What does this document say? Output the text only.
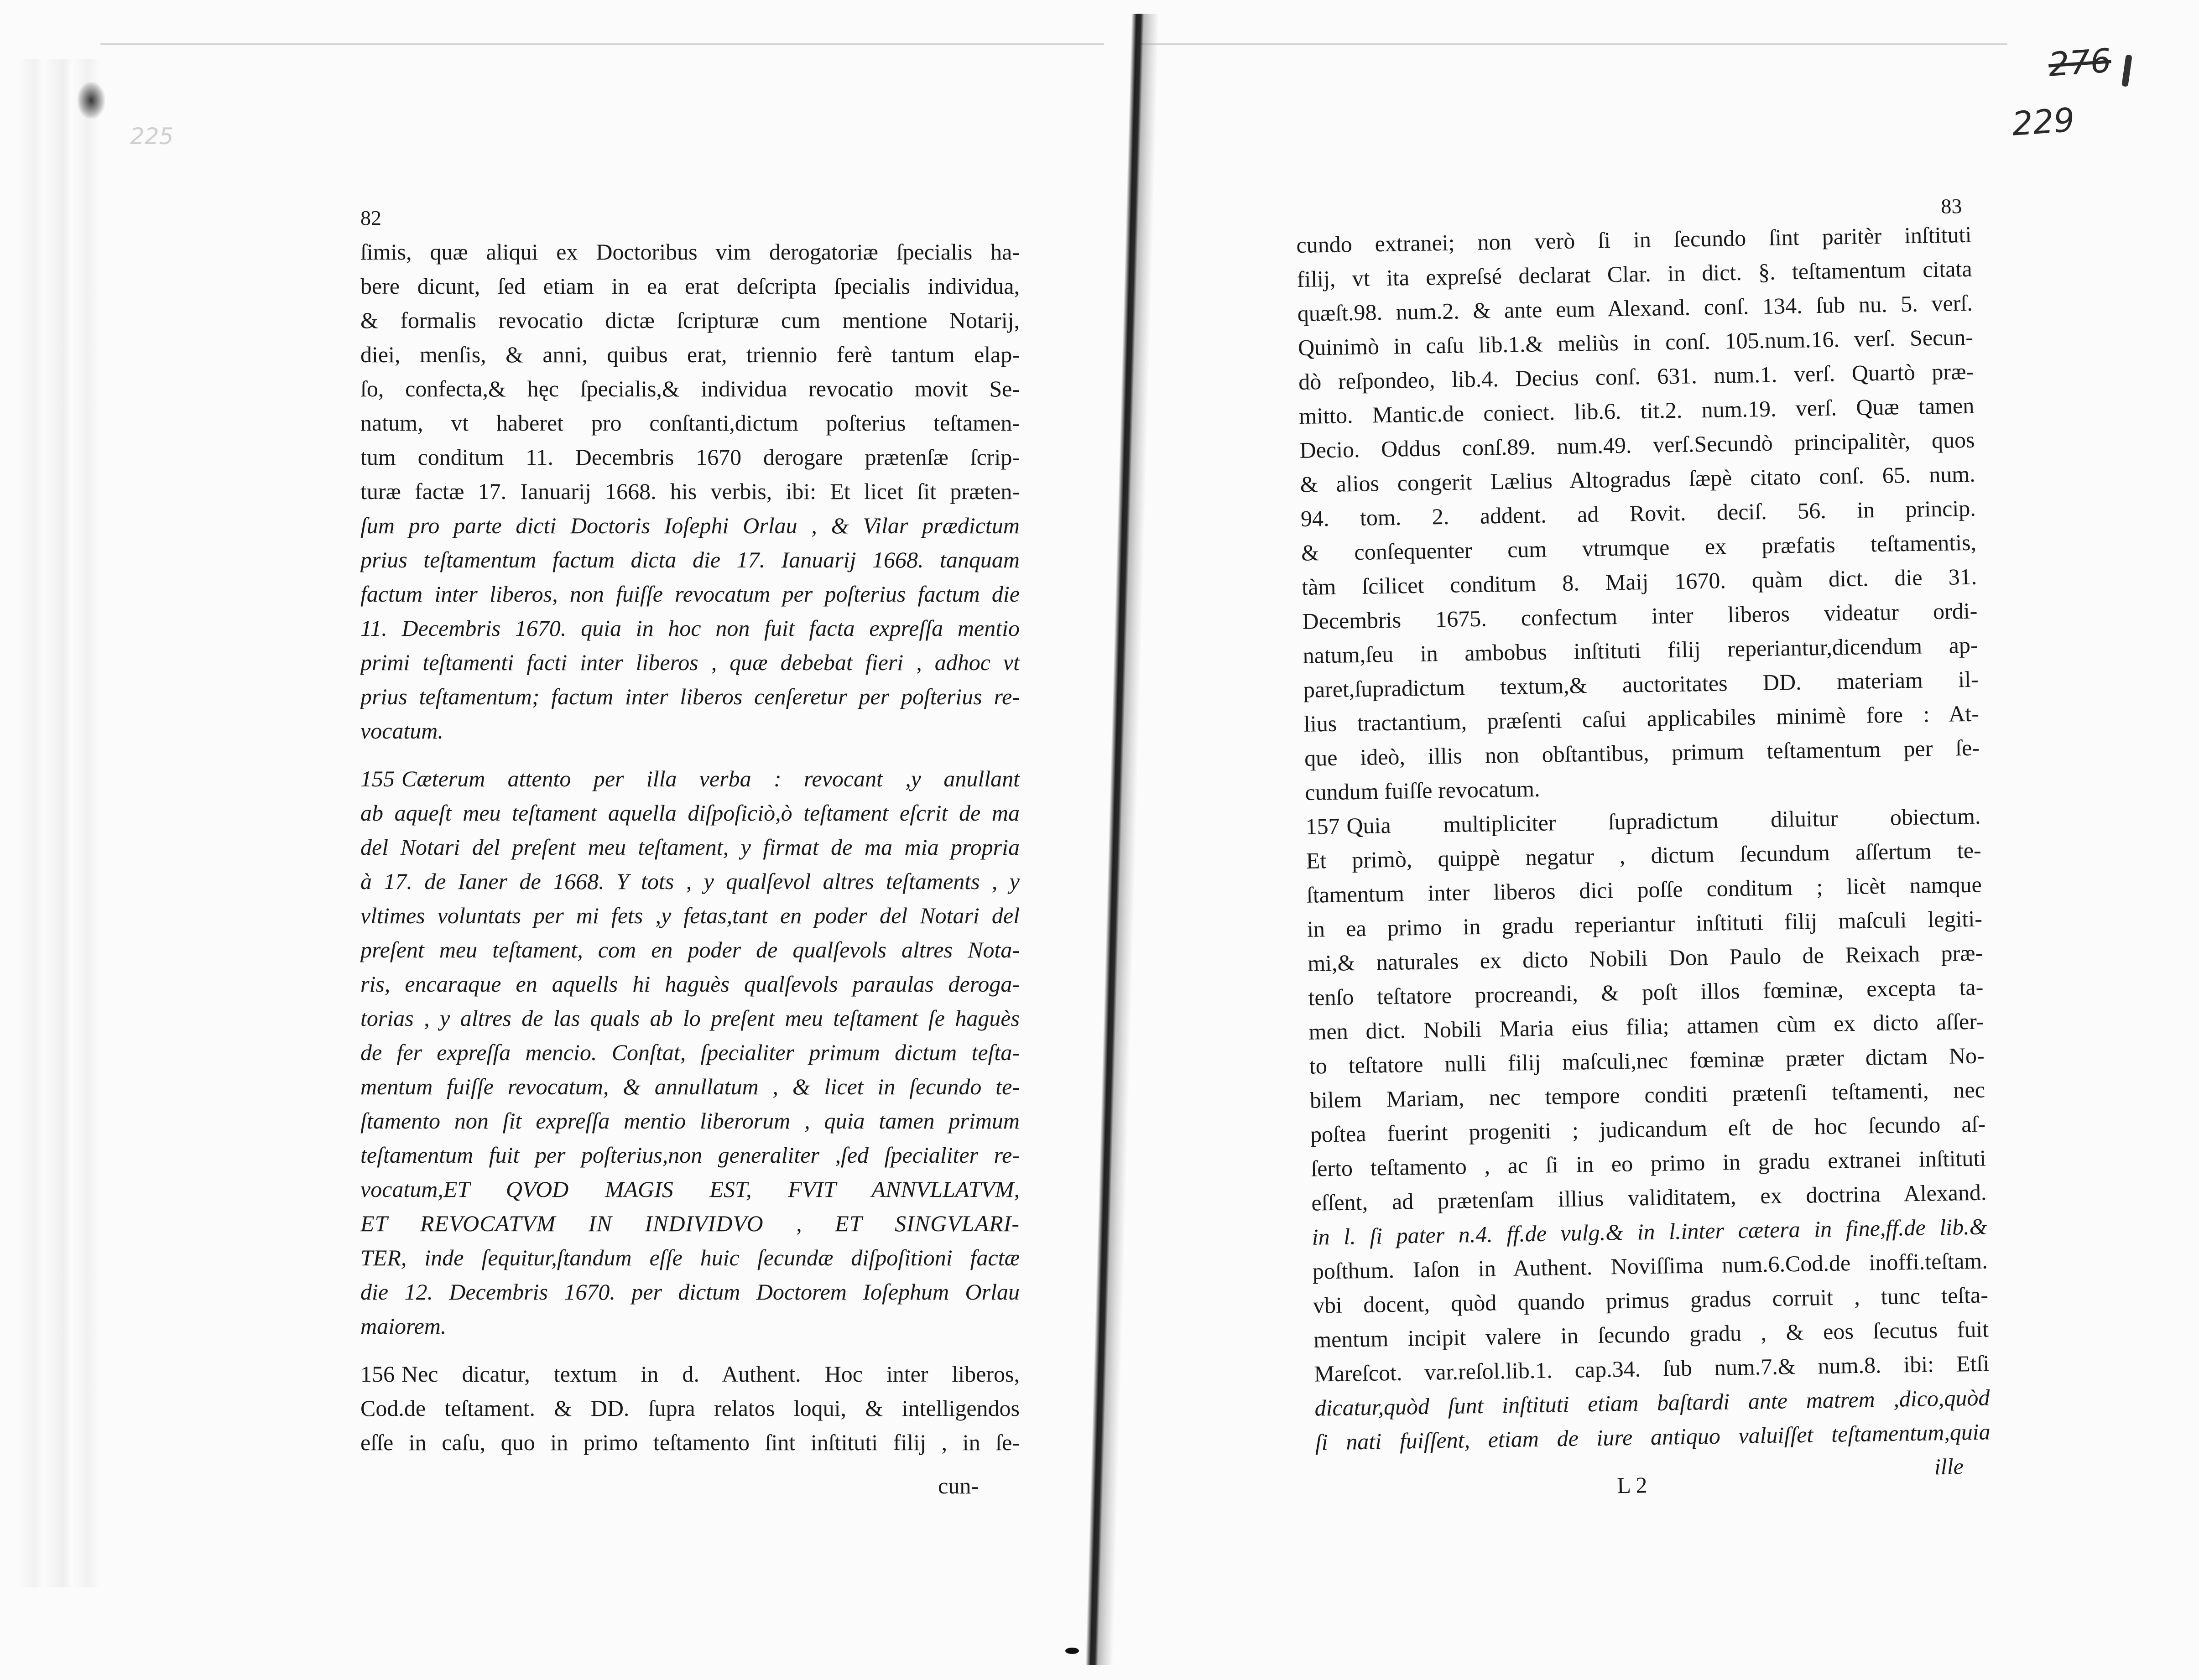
225
276
229
82
ſimis, quæ aliqui ex Doctoribus vim derogatoriæ ſpecialis ha-
bere dicunt, ſed etiam in ea erat deſcripta ſpecialis individua,
& formalis revocatio dictæ ſcripturæ cum mentione Notarij,
diei, menſis, & anni, quibus erat, triennio ferè tantum elap-
ſo, confecta,& hęc ſpecialis,& individua revocatio movit Se-
natum, vt haberet pro conſtanti,dictum poſterius teſtamen-
tum conditum 11. Decembris 1670 derogare prætenſæ ſcrip-
turæ factæ 17. Ianuarij 1668. his verbis, ibi: Et licet ſit præten-
ſum pro parte dicti Doctoris Ioſephi Orlau , & Vilar prædictum
prius teſtamentum factum dicta die 17. Ianuarij 1668. tanquam
factum inter liberos, non fuiſſe revocatum per poſterius factum die
11. Decembris 1670. quia in hoc non fuit facta expreſſa mentio
primi teſtamenti facti inter liberos , quæ debebat fieri , adhoc vt
prius teſtamentum; factum inter liberos cenſeretur per poſterius re-
vocatum.
155 Cæterum attento per illa verba : revocant ,y anullant
ab aqueſt meu teſtament aquella diſpoſiciò,ò teſtament eſcrit de ma
del Notari del preſent meu teſtament, y firmat de ma mia propria
à 17. de Ianer de 1668. Y tots , y qualſevol altres teſtaments , y
vltimes voluntats per mi fets ,y fetas,tant en poder del Notari del
preſent meu teſtament, com en poder de qualſevols altres Nota-
ris, encaraque en aquells hi haguès qualſevols paraulas deroga-
torias , y altres de las quals ab lo preſent meu teſtament ſe haguès
de fer expreſſa mencio. Conſtat, ſpecialiter primum dictum teſta-
mentum fuiſſe revocatum, & annullatum , & licet in ſecundo te-
ſtamento non ſit expreſſa mentio liberorum , quia tamen primum
teſtamentum fuit per poſterius,non generaliter ,ſed ſpecialiter re-
vocatum,ET QVOD MAGIS EST, FVIT ANNVLLATVM,
ET REVOCATVM IN INDIVIDVO , ET SINGVLARI-
TER, inde ſequitur,ſtandum eſſe huic ſecundæ diſpoſitioni factæ
die 12. Decembris 1670. per dictum Doctorem Ioſephum Orlau
maiorem.
156 Nec dicatur, textum in d. Authent. Hoc inter liberos,
Cod.de teſtament. & DD. ſupra relatos loqui, & intelligendos
eſſe in caſu, quo in primo teſtamento ſint inſtituti filij , in ſe-
cun-
83
cundo extranei; non verò ſi in ſecundo ſint paritèr inſtituti
filij, vt ita expreſsé declarat Clar. in dict. §. teſtamentum citata
quæſt.98. num.2. & ante eum Alexand. conſ. 134. ſub nu. 5. verſ.
Quinimò in caſu lib.1.& meliùs in conſ. 105.num.16. verſ. Secun-
dò reſpondeo, lib.4. Decius conſ. 631. num.1. verſ. Quartò præ-
mitto. Mantic.de coniect. lib.6. tit.2. num.19. verſ. Quæ tamen
Decio. Oddus conſ.89. num.49. verſ.Secundò principalitèr, quos
& alios congerit Lælius Altogradus ſæpè citato conſ. 65. num.
94. tom. 2. addent. ad Rovit. deciſ. 56. in princip.
& conſequenter cum vtrumque ex præfatis teſtamentis,
tàm ſcilicet conditum 8. Maij 1670. quàm dict. die 31.
Decembris 1675. confectum inter liberos videatur ordi-
natum,ſeu in ambobus inſtituti filij reperiantur,dicendum ap-
paret,ſupradictum textum,& auctoritates DD. materiam il-
lius tractantium, præſenti caſui applicabiles minimè fore : At-
que ideò, illis non obſtantibus, primum teſtamentum per ſe-
cundum fuiſſe revocatum.
157 Quia multipliciter ſupradictum diluitur obiectum.
Et primò, quippè negatur , dictum ſecundum aſſertum te-
ſtamentum inter liberos dici poſſe conditum ; licèt namque
in ea primo in gradu reperiantur inſtituti filij maſculi legiti-
mi,& naturales ex dicto Nobili Don Paulo de Reixach præ-
tenſo teſtatore procreandi, & poſt illos fœminæ, excepta ta-
men dict. Nobili Maria eius filia; attamen cùm ex dicto aſſer-
to teſtatore nulli filij maſculi,nec fœminæ præter dictam No-
bilem Mariam, nec tempore conditi prætenſi teſtamenti, nec
poſtea fuerint progeniti ; judicandum eſt de hoc ſecundo aſ-
ſerto teſtamento , ac ſi in eo primo in gradu extranei inſtituti
eſſent, ad prætenſam illius validitatem, ex doctrina Alexand.
in l. ſi pater n.4. ff.de vulg.& in l.inter cætera in fine,ff.de lib.&
poſthum. Iaſon in Authent. Noviſſima num.6.Cod.de inoffi.teſtam.
vbi docent, quòd quando primus gradus corruit , tunc teſta-
mentum incipit valere in ſecundo gradu , & eos ſecutus fuit
Mareſcot. var.reſol.lib.1. cap.34. ſub num.7.& num.8. ibi: Etſi
dicatur,quòd ſunt inſtituti etiam baſtardi ante matrem ,dico,quòd
ſi nati fuiſſent, etiam de iure antiquo valuiſſet teſtamentum,quia
ille
L 2
